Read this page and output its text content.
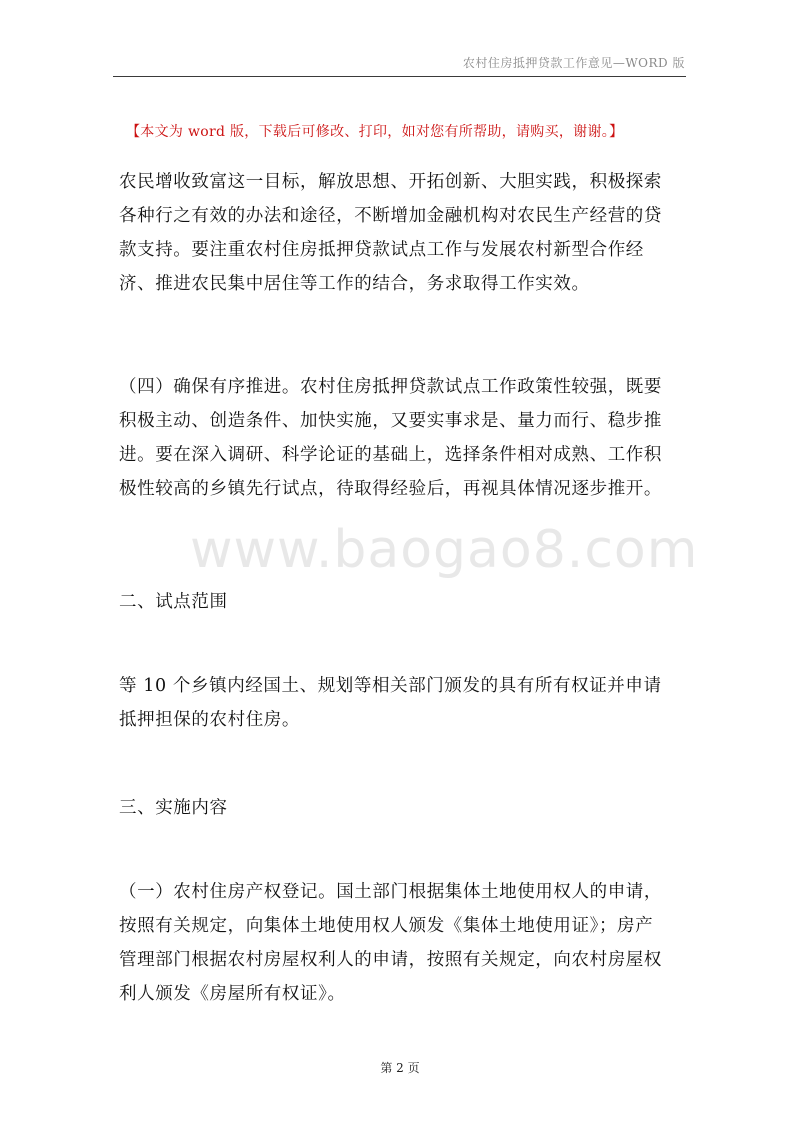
农村住房抵押贷款工作意见—WORD 版
【本文为 word 版，下载后可修改、打印，如对您有所帮助，请购买，谢谢。】
www.baogao8.com
农民增收致富这一目标，解放思想、开拓创新、大胆实践，积极探索
各种行之有效的办法和途径，不断增加金融机构对农民生产经营的贷
款支持。要注重农村住房抵押贷款试点工作与发展农村新型合作经
济、推进农民集中居住等工作的结合，务求取得工作实效。
（四）确保有序推进。农村住房抵押贷款试点工作政策性较强，既要
积极主动、创造条件、加快实施，又要实事求是、量力而行、稳步推
进。要在深入调研、科学论证的基础上，选择条件相对成熟、工作积
极性较高的乡镇先行试点，待取得经验后，再视具体情况逐步推开。
二、试点范围
等 10 个乡镇内经国土、规划等相关部门颁发的具有所有权证并申请
抵押担保的农村住房。
三、实施内容
（一）农村住房产权登记。国土部门根据集体土地使用权人的申请，
按照有关规定，向集体土地使用权人颁发《集体土地使用证》；房产
管理部门根据农村房屋权利人的申请，按照有关规定，向农村房屋权
利人颁发《房屋所有权证》。
第 2 页
